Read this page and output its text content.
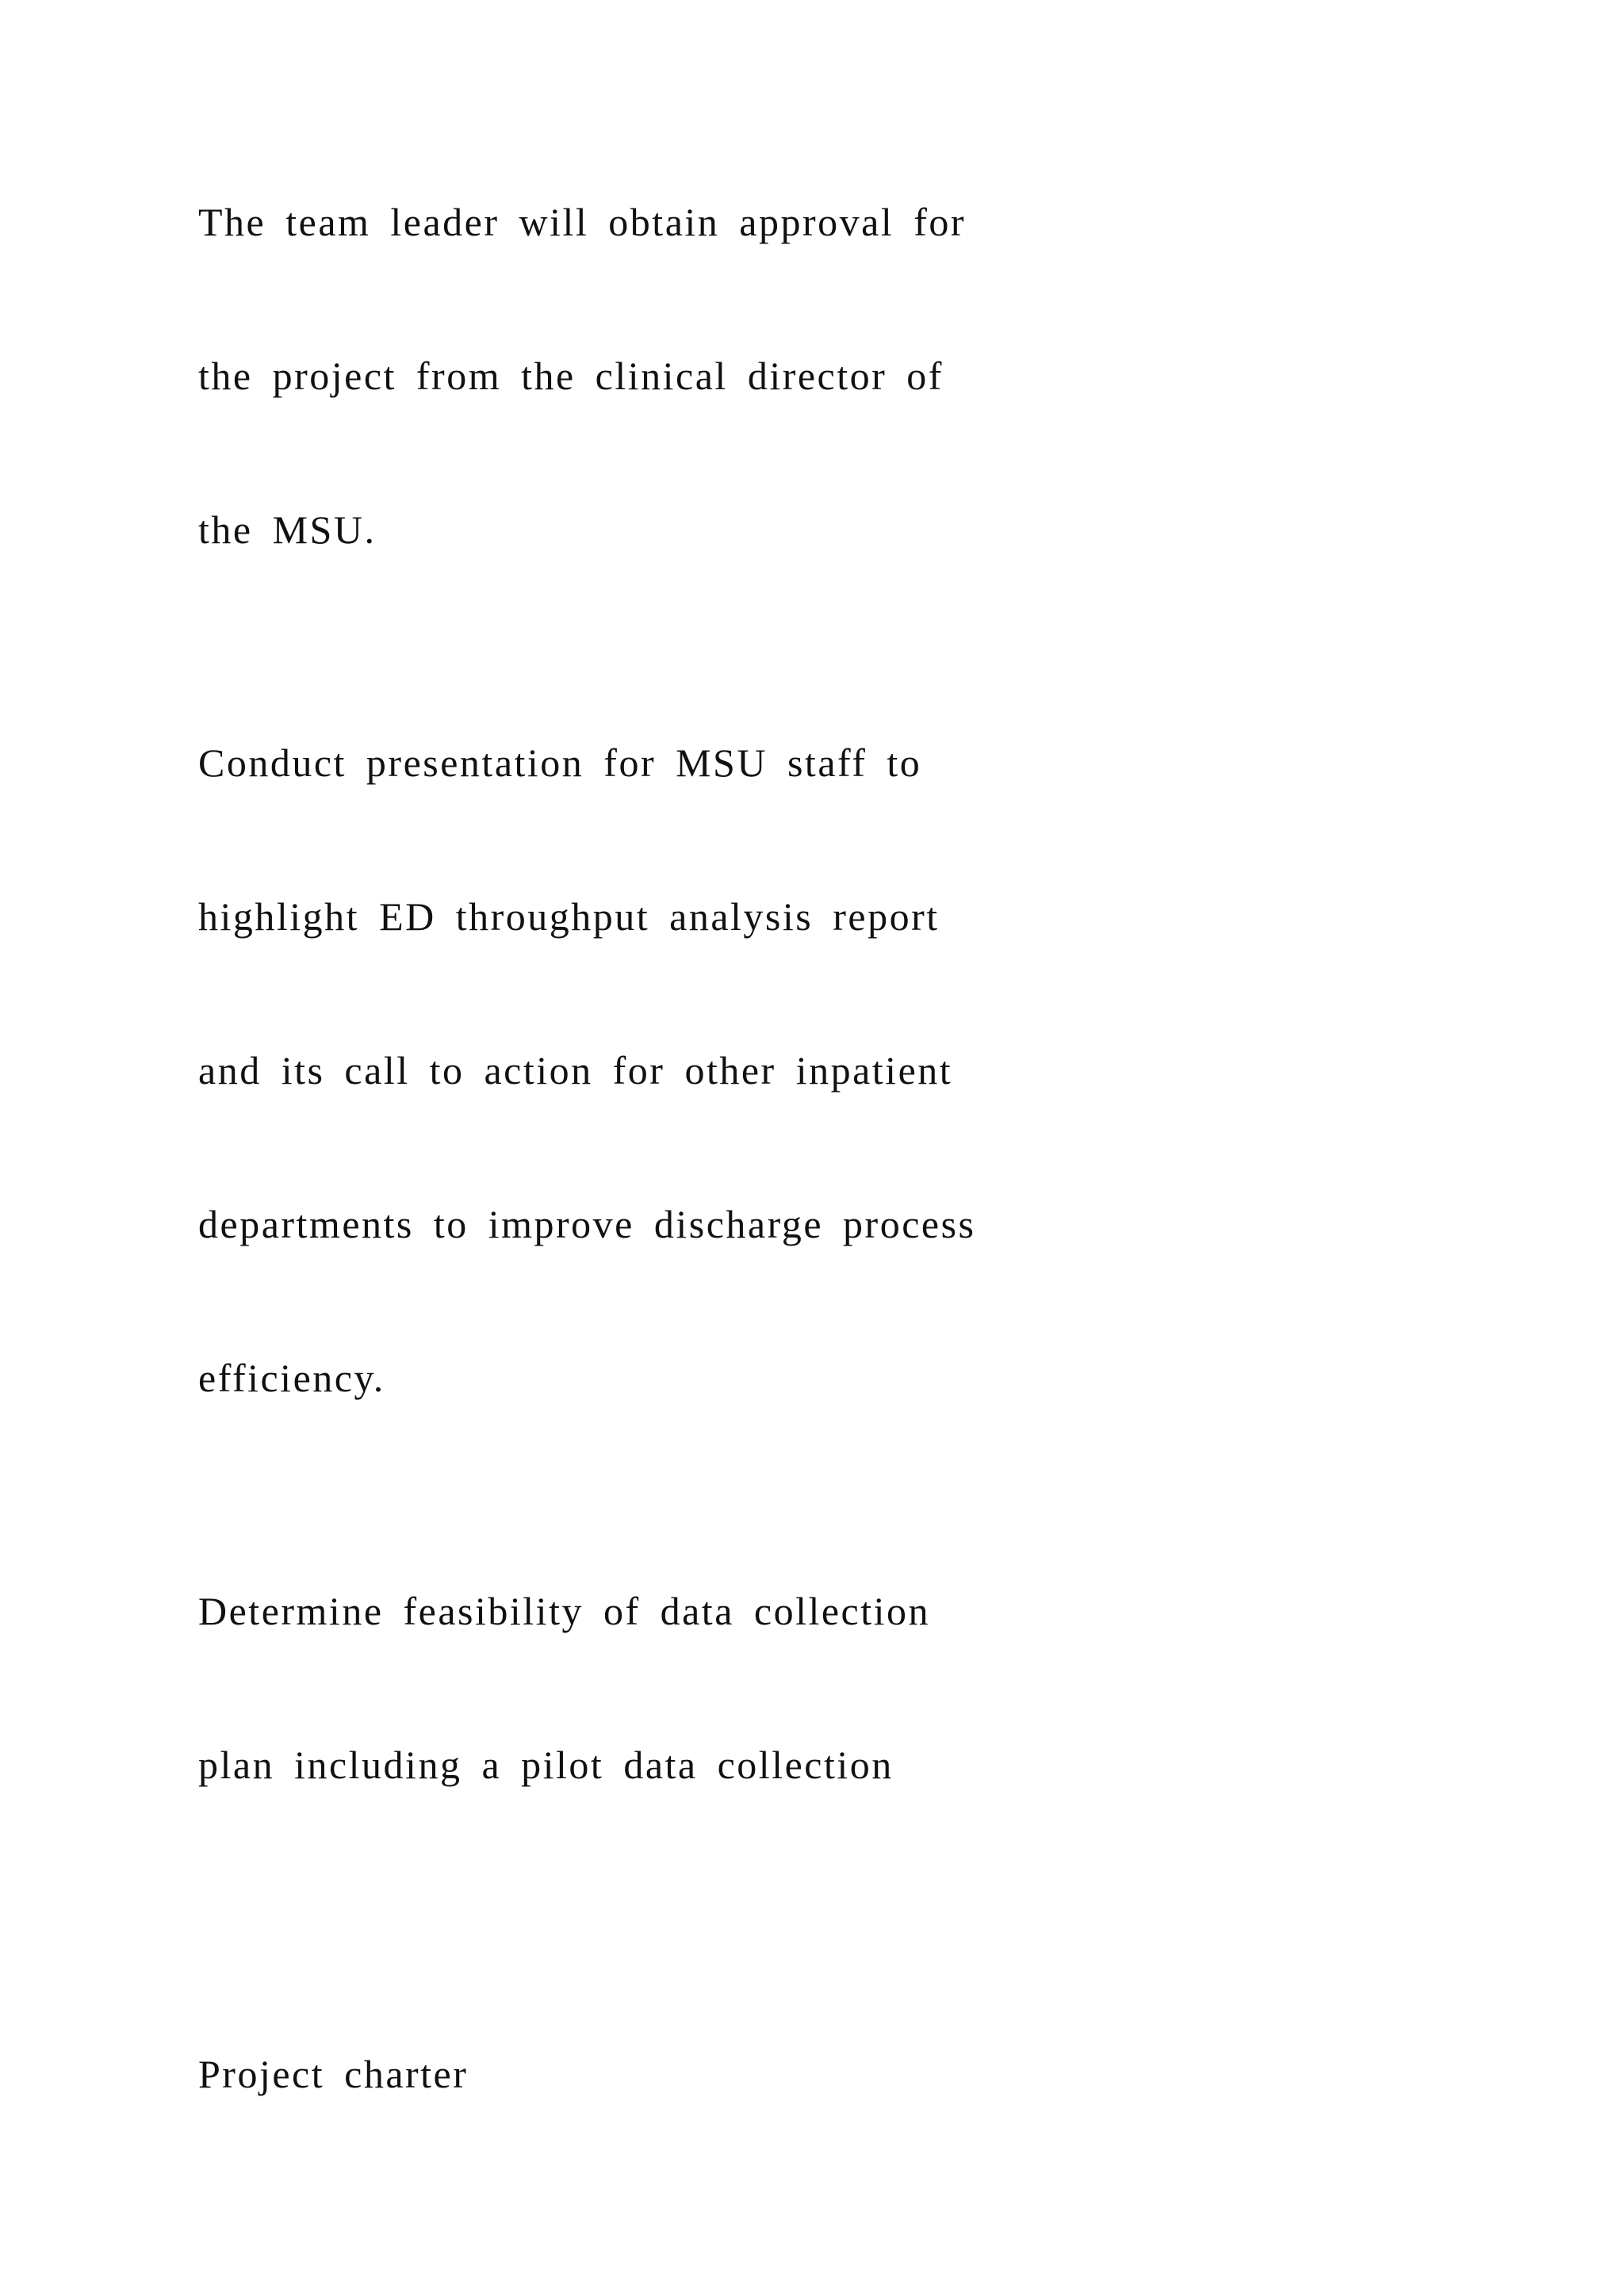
The team leader will obtain approval for

the project from the clinical director of

the MSU.

Conduct presentation for MSU staff to

highlight ED throughput analysis report

and its call to action for other inpatient

departments to improve discharge process

efficiency.

Determine feasibility of data collection

plan including a pilot data collection

Project charter
